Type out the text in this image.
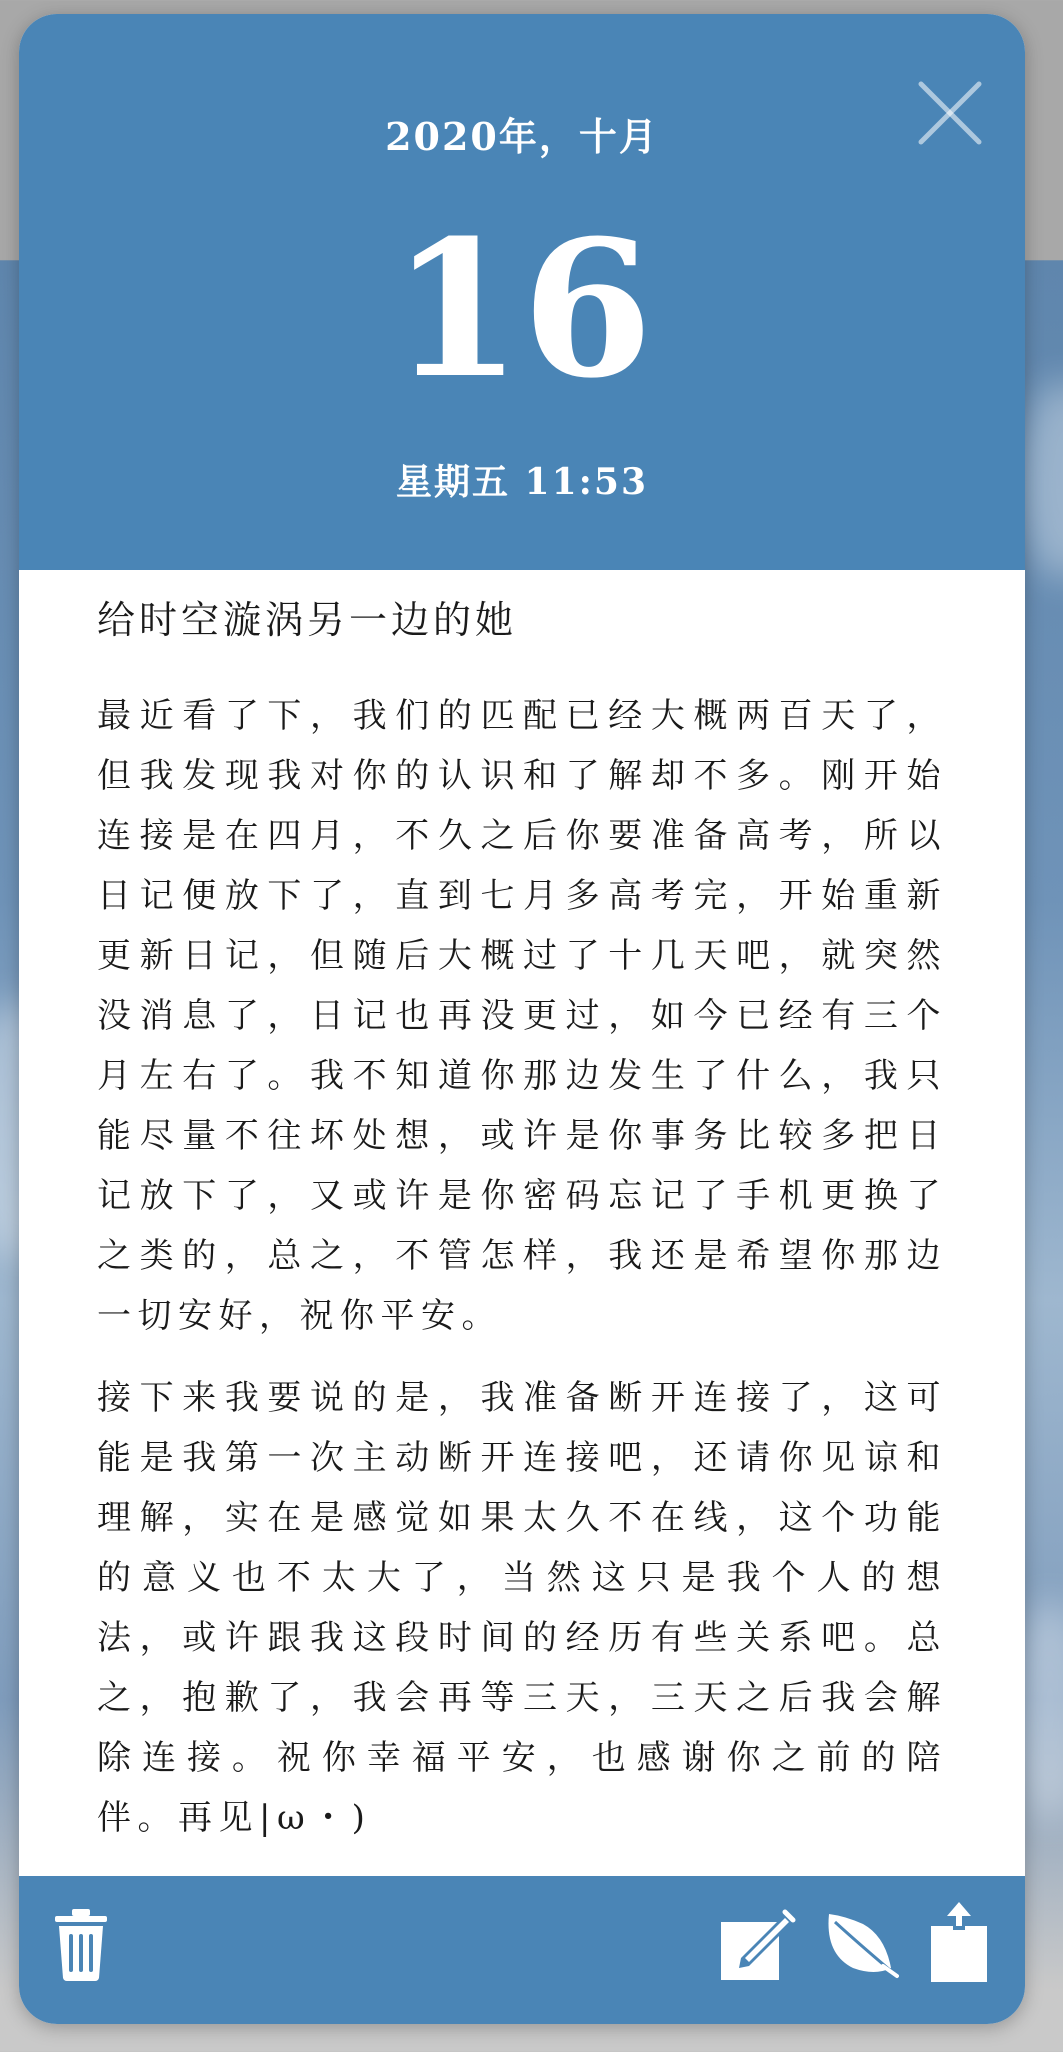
2020年，十月
16
星期五 11:53
给时空漩涡另一边的她

最近看了下，我们的匹配已经大概两百天了，但我发现我对你的认识和了解却不多。刚开始连接是在四月，不久之后你要准备高考，所以日记便放下了，直到七月多高考完，开始重新更新日记，但随后大概过了十几天吧，就突然没消息了，日记也再没更过，如今已经有三个月左右了。我不知道你那边发生了什么，我只能尽量不往坏处想，或许是你事务比较多把日记放下了，又或许是你密码忘记了手机更换了之类的，总之，不管怎样，我还是希望你那边一切安好，祝你平安。

接下来我要说的是，我准备断开连接了，这可能是我第一次主动断开连接吧，还请你见谅和理解，实在是感觉如果太久不在线，这个功能的意义也不太大了，当然这只是我个人的想法，或许跟我这段时间的经历有些关系吧。总之，抱歉了，我会再等三天，三天之后我会解除连接。祝你幸福平安，也感谢你之前的陪伴。再见|ω・)
